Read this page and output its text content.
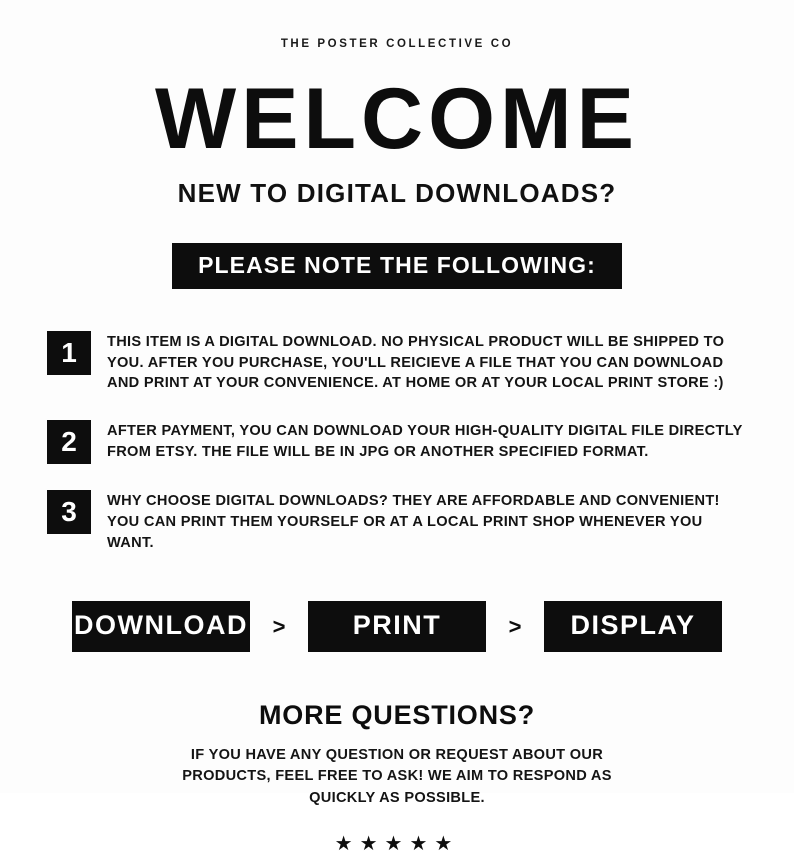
THE POSTER COLLECTIVE CO
WELCOME
NEW TO DIGITAL DOWNLOADS?
PLEASE NOTE THE FOLLOWING:
1	THIS ITEM IS A DIGITAL DOWNLOAD. NO PHYSICAL PRODUCT WILL BE SHIPPED TO YOU. AFTER YOU PURCHASE, YOU'LL REICIEVE A FILE THAT YOU CAN DOWNLOAD AND PRINT AT YOUR CONVENIENCE. AT HOME OR AT YOUR LOCAL PRINT STORE :)
2	AFTER PAYMENT, YOU CAN DOWNLOAD YOUR HIGH-QUALITY DIGITAL FILE DIRECTLY FROM ETSY. THE FILE WILL BE IN JPG OR ANOTHER SPECIFIED FORMAT.
3	WHY CHOOSE DIGITAL DOWNLOADS? THEY ARE AFFORDABLE AND CONVENIENT! YOU CAN PRINT THEM YOURSELF OR AT A LOCAL PRINT SHOP WHENEVER YOU WANT.
DOWNLOAD	>	PRINT	>	DISPLAY
MORE QUESTIONS?
IF YOU HAVE ANY QUESTION OR REQUEST ABOUT OUR PRODUCTS, FEEL FREE TO ASK! WE AIM TO RESPOND AS QUICKLY AS POSSIBLE.
★★★★★
